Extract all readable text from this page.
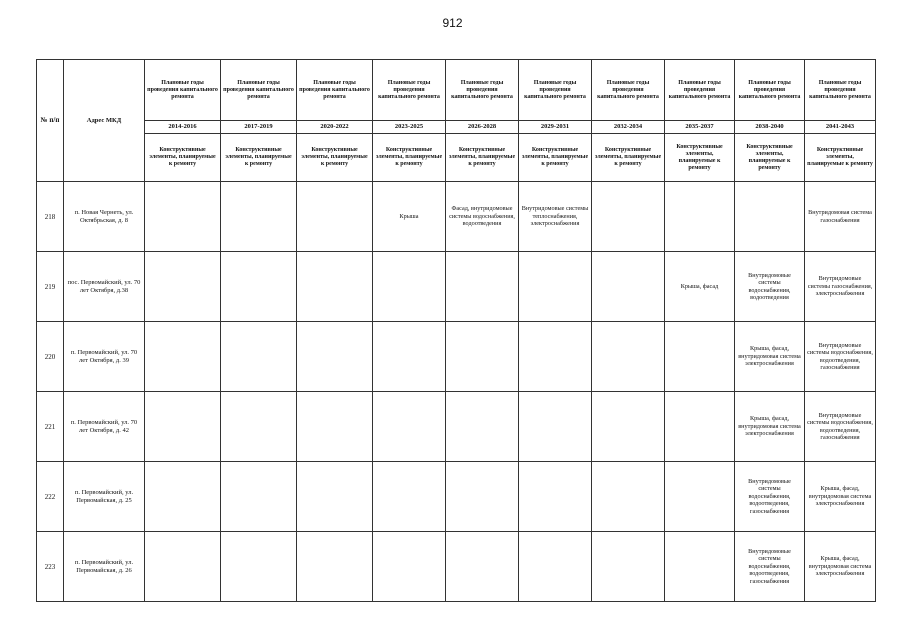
912
№ п/п	Адрес МКД	Плановые годы проведения капитального ремонта	Плановые годы проведения капитального ремонта	Плановые годы проведения капитального ремонта	Плановые годы проведения капитального ремонта	Плановые годы проведения капитального ремонта	Плановые годы проведения капитального ремонта	Плановые годы проведения капитального ремонта	Плановые годы проведения капитального ремонта	Плановые годы проведения капитального ремонта	Плановые годы проведения капитального ремонта
		2014-2016	2017-2019	2020-2022	2023-2025	2026-2028	2029-2031	2032-2034	2035-2037	2038-2040	2041-2043
		Конструктивные элементы, планируемые к ремонту	Конструктивные элементы, планируемые к ремонту	Конструктивные элементы, планируемые к ремонту	Конструктивные элементы, планируемые к ремонту	Конструктивные элементы, планируемые к ремонту	Конструктивные элементы, планируемые к ремонту	Конструктивные элементы, планируемые к ремонту	Конструктивные элементы, планируемые к ремонту	Конструктивные элементы, планируемые к ремонту	Конструктивные элементы, планируемые к ремонту
218	п. Новая Чернеть, ул. Октябрьская, д. 8				Крыша	Фасад, внутридомовые системы водоснабжения, водоотведения	Внутридомовые системы теплоснабжения, электроснабжения				Внутридомовая система газоснабжения
219	пос. Первомайский, ул. 70 лет Октября, д.38								Крыша, фасад	Внутридомовые системы водоснабжения, водоотведения	Внутридомовые системы газоснабжения, электроснабжения
220	п. Первомайский, ул. 70 лет Октября, д. 39									Крыша, фасад, внутридомовая система электроснабжения	Внутридомовые системы водоснабжения, водоотведения, газоснабжения
221	п. Первомайский, ул. 70 лет Октября, д. 42									Крыша, фасад, внутридомовая система электроснабжения	Внутридомовые системы водоснабжения, водоотведения, газоснабжения
222	п. Первомайский, ул. Первомайская, д. 25									Внутридомовые системы водоснабжения, водоотведения, газоснабжения	Крыша, фасад, внутридомовая система электроснабжения
223	п. Первомайский, ул. Первомайская, д. 26									Внутридомовые системы водоснабжения, водоотведения, газоснабжения	Крыша, фасад, внутридомовая система электроснабжения
